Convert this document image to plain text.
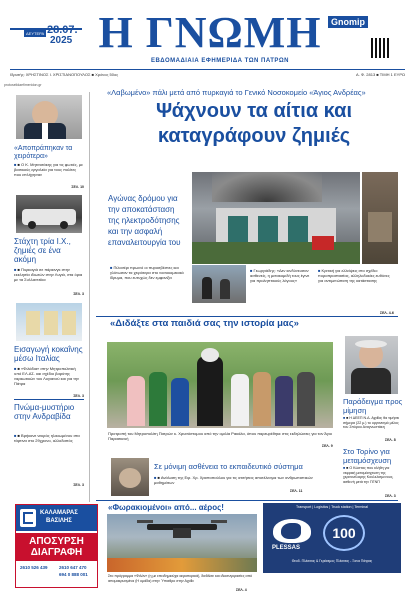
ΔΕΥΤΕΡΑ 28.07.
2025 Η ΓΝΩΜΗ	Gnomip
ΕΒΔΟΜΑΔΙΑΙΑ ΕΦΗΜΕΡΙΔΑ ΤΩΝ ΠΑΤΡΩΝ
Ιδρυτής: ΧΡΗΣΤΙΝΟΣ Ι. ΧΡΙΣΤΙΑΝΟΠΟΥΛΟΣ ■ Χρόνος 50ος	Α. Φ. 2813 ■ ΤΙΜΗ 1 ΕΥΡΩ
protoselidaefimeridon.gr
«Αποπράπηκαν τα χειρότερα»
■ ■ Ο Κ. Μητσοτάκης για τις φωτιές, με βασικούς εργαλεία για τους πολίτες που επλήγησαν
ΣΕΛ. 10
Στάχτη τρία Ι.Χ., ζημιές σε ένα ακόμη
■ ■ Πυρκαγιά σε πάρκινγκ στην εκκλησία ιδιωτών στην Λυγιά, στα όρια με τα Συλλαντεϊκα
ΣΕΛ. 3
Εισαγωγή κοκαΐνης μέσω Ιταλίας
■ ■ «Φιλάδια» στην Μητροπολιτική υπό ΕΛ.ΑΣ. και σχέδιο βαρύτης ναρκωτικών του Λυγιανού και για την Πάτρα
ΣΕΛ. 3
Πνώμα-μυστήριο στην Ανδραβίδα
■ ■ Βρήκανε νεκρός ηλικιωμένου στα τάρτινα στο 29χρονο, αλλοδαπός
ΣΕΛ. 3
«Λαβωμένο» πάλι μετά από πυρκαγιά το Γενικό Νοσοκομείο «Άγιος Ανδρέας»
Ψάχνουν τα αίτια και καταγράφουν ζημιές
Αγώνας δρόμου για την αποκατάσταση της ηλεκτροδότησης και την ασφαλή επαναλειτουργία του
■ Πιλοσέρι πρωινό οι πυροσβέστες και γλύτωσαν τα χειρότερα στο νοσοκομειακό ίδρυμα, που ευτυχώς δεν εμφανίζει
■ Γεωργιάδης: «Δεν κινδύνευσαν ασθενείς, η μετακομιδή τους έγινε για προληπτικούς λόγους»
■ Κριτική για ελλείψεις στο σχέδιο πυροπροστασίας, αλληλοδοκίες ευθύνες για αντιμετώπιση της κατάστασης
ΣΕΛ. 4-6
«Διδάξτε στα παιδιά σας την ιστορία μας»
Προτροπή του Μητροπολίτη Πατρών κ. Χρυσόστομου από την ομιλία Ρακάλα, όπου παρευρέθηκε στις εκδηλώσεις για τον Άγιο Παρασκευή
ΣΕΛ. 9
Παράδειγμα προς μίμηση
■ ■ Η ΔΕΕΠ Ν.Δ. Αχαΐας θα τιμήσει σήμερα (22 μ.) το οργανισμό μέλος του Σπύρου Αναγνωστάκη
ΣΕΛ. 8
Στο Τορίνο για μεταμόσχευση
■ ■ Ο Κώστας που κλήθη για νεφρική μεταμόσχευση της χερσονέλαρης Κουλελισμενους, ασθενή μετά την ΠΓΝΠ
ΣΕΛ. 3
Σε μόνιμη ασθένεια το εκπαιδευτικό σύστημα
■ ■ Ανάλυση της Ειρ. Χρ. Χριστοπούλου για τις ατιτήσεις αποτέλεσμα των ανθρωπιστικών μαθημάτων
ΣΕΛ. 11
«Φωρακιομένοι» από... αέρος!
Στο πρόγραμμα «Φιλόν» (η με επειδημιούχα αεροπορικά), διεθλίσε και ιδιοσυγκρασίες από απομακρυσμένα (Η ομάδα) στην Ύπαιθρο στην Αχαΐα
ΣΕΛ. 4
ΚΑΛΑΜΑΡΑΣ
ΒΑΣΙΛΗΣ
ΑΠΟΣΥΡΣΗ
ΔΙΑΓΡΑΦΗ
2610 526 439	2610 647 470
694 0 888 001
Transport | Logistics | Truck station | Terminal
PLESSAS
100
Θεοδ. Πλέσσας & Γεράσιμος Πλέσσας - Ξανα Πάτρας
